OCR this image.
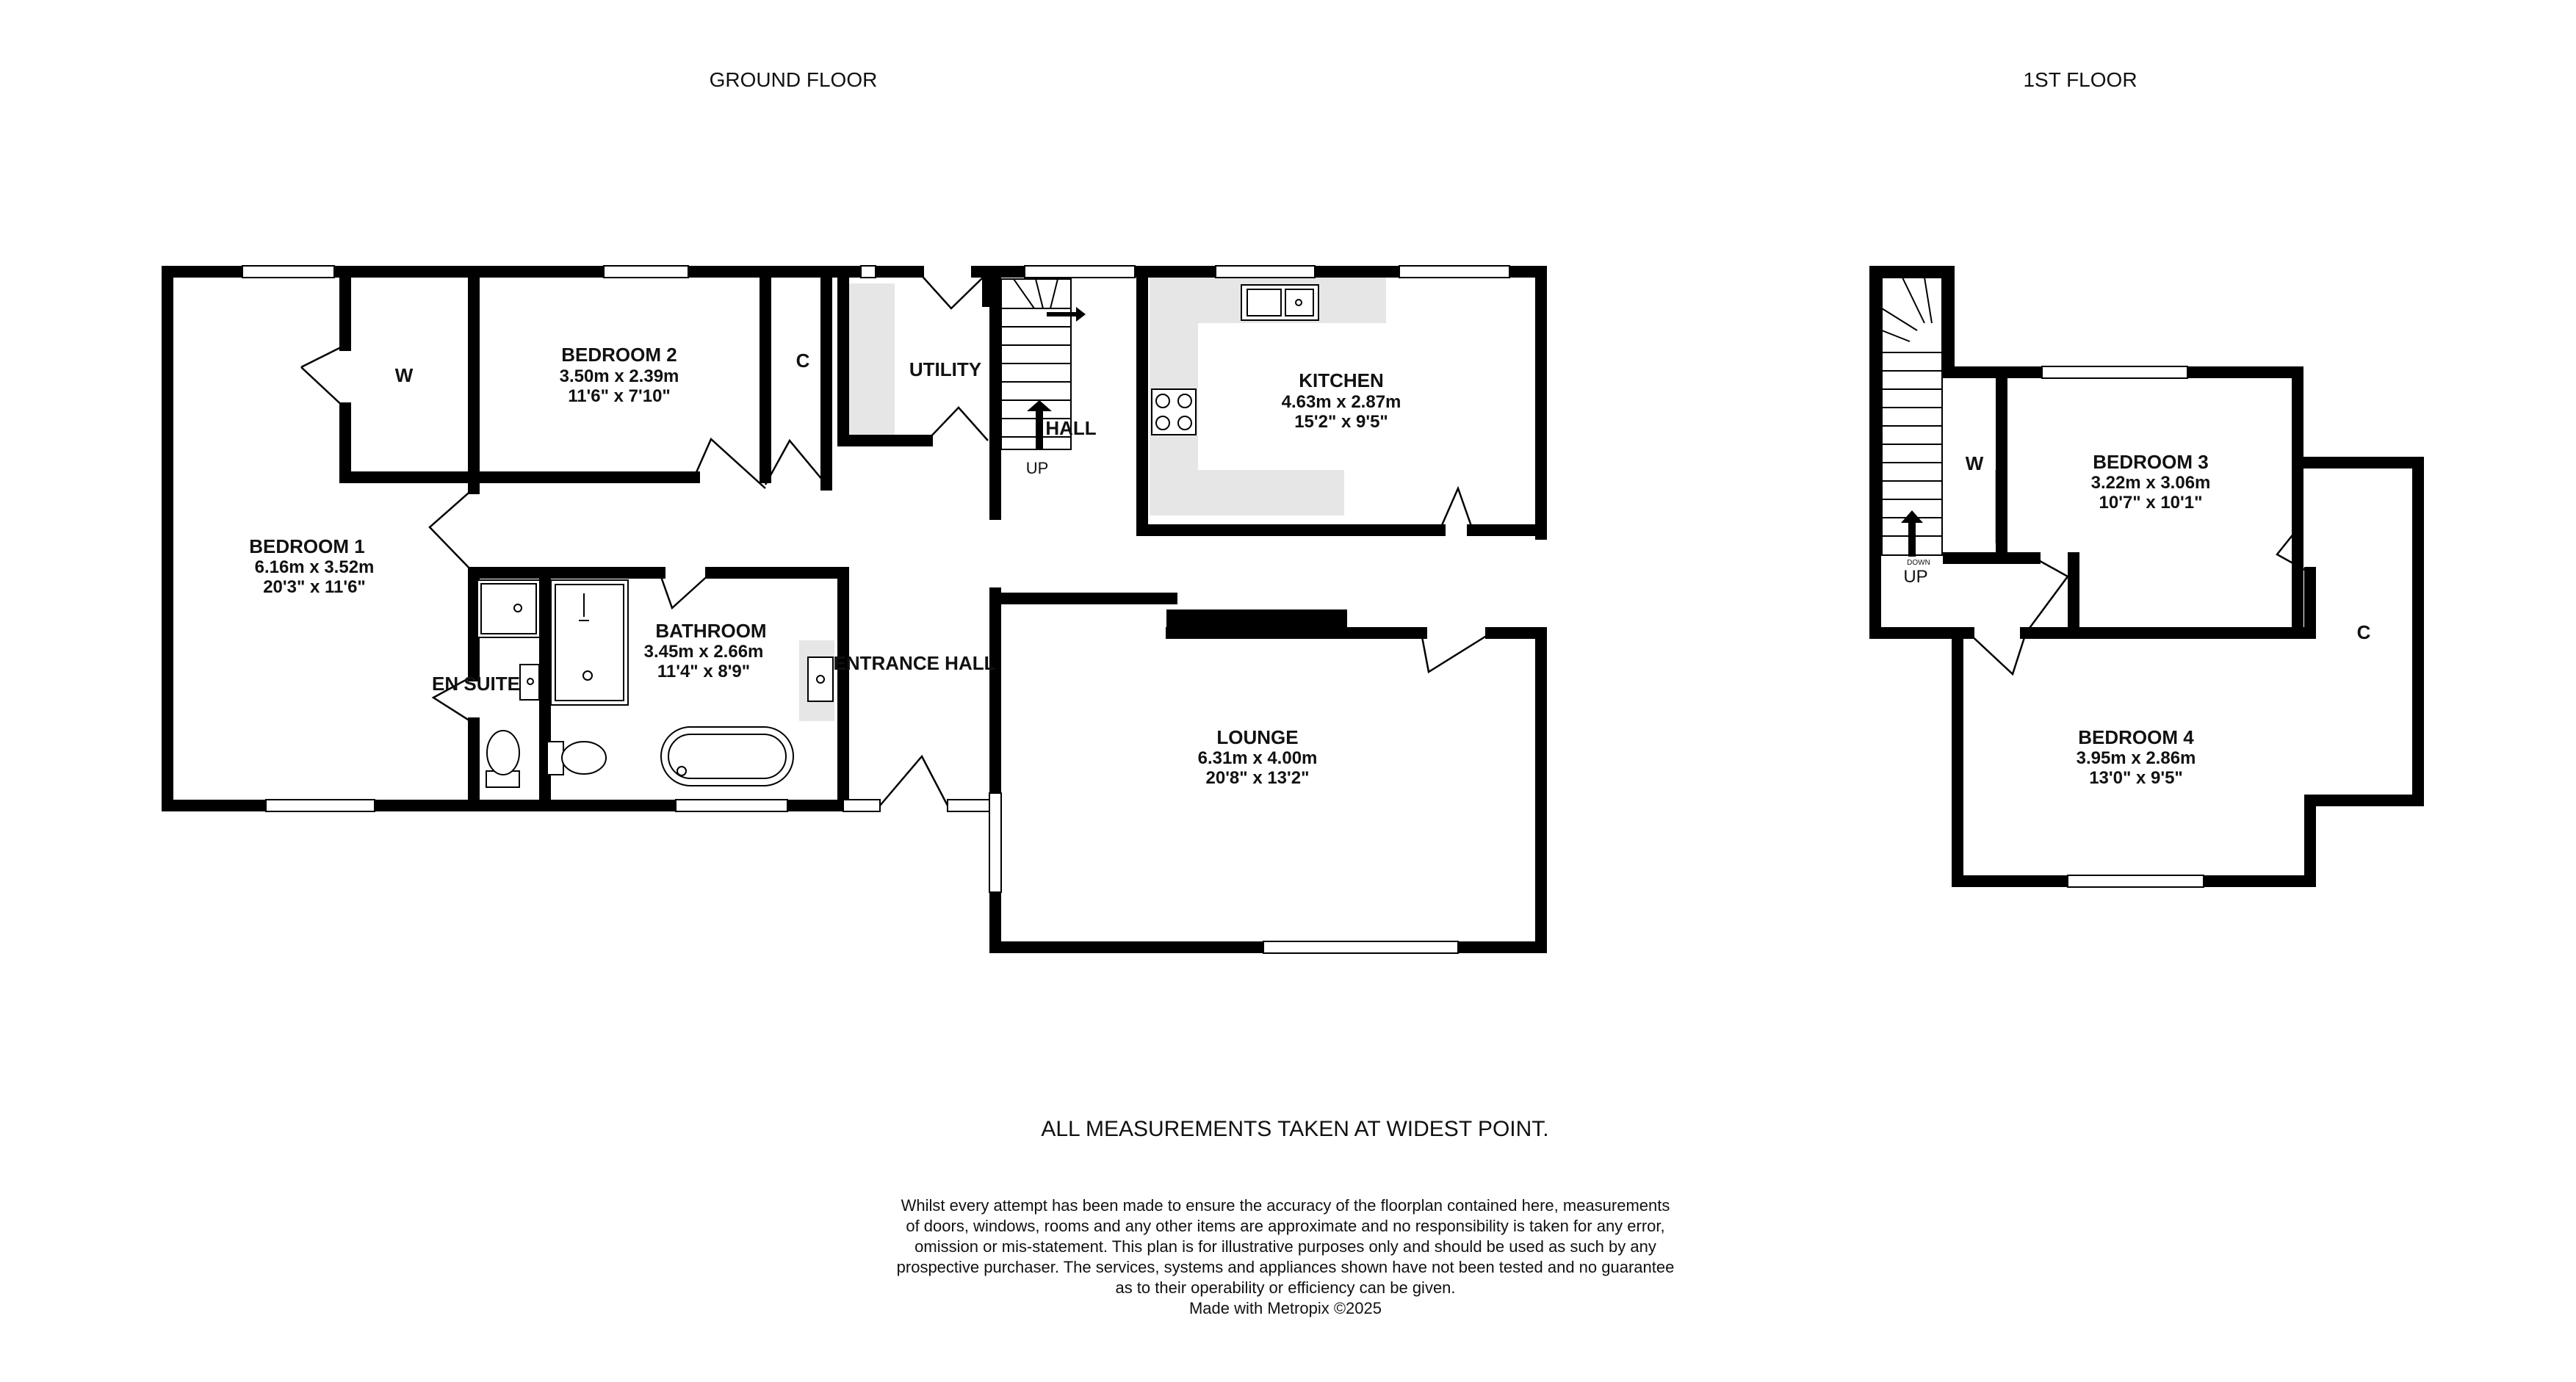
GROUND FLOOR	1ST FLOOR
BEDROOM 1
6.16m x 3.52m
20'3" x 11'6"
W
BEDROOM 2
3.50m x 2.39m
11'6" x 7'10"
C	UTILITY
HALL
UP
KITCHEN
4.63m x 2.87m
15'2" x 9'5"
EN SUITE
BATHROOM
3.45m x 2.66m
11'4" x 8'9"	ENTRANCE HALL
LOUNGE
6.31m x 4.00m
20'8" x 13'2"
DOWN
UP
W	BEDROOM 3
3.22m x 3.06m
10'7" x 10'1"
C
BEDROOM 4
3.95m x 2.86m
13'0" x 9'5"
ALL MEASUREMENTS TAKEN AT WIDEST POINT.
Whilst every attempt has been made to ensure the accuracy of the floorplan contained here, measurements
of doors, windows, rooms and any other items are approximate and no responsibility is taken for any error,
omission or mis-statement. This plan is for illustrative purposes only and should be used as such by any
prospective purchaser. The services, systems and appliances shown have not been tested and no guarantee
as to their operability or efficiency can be given.
Made with Metropix ©2025
